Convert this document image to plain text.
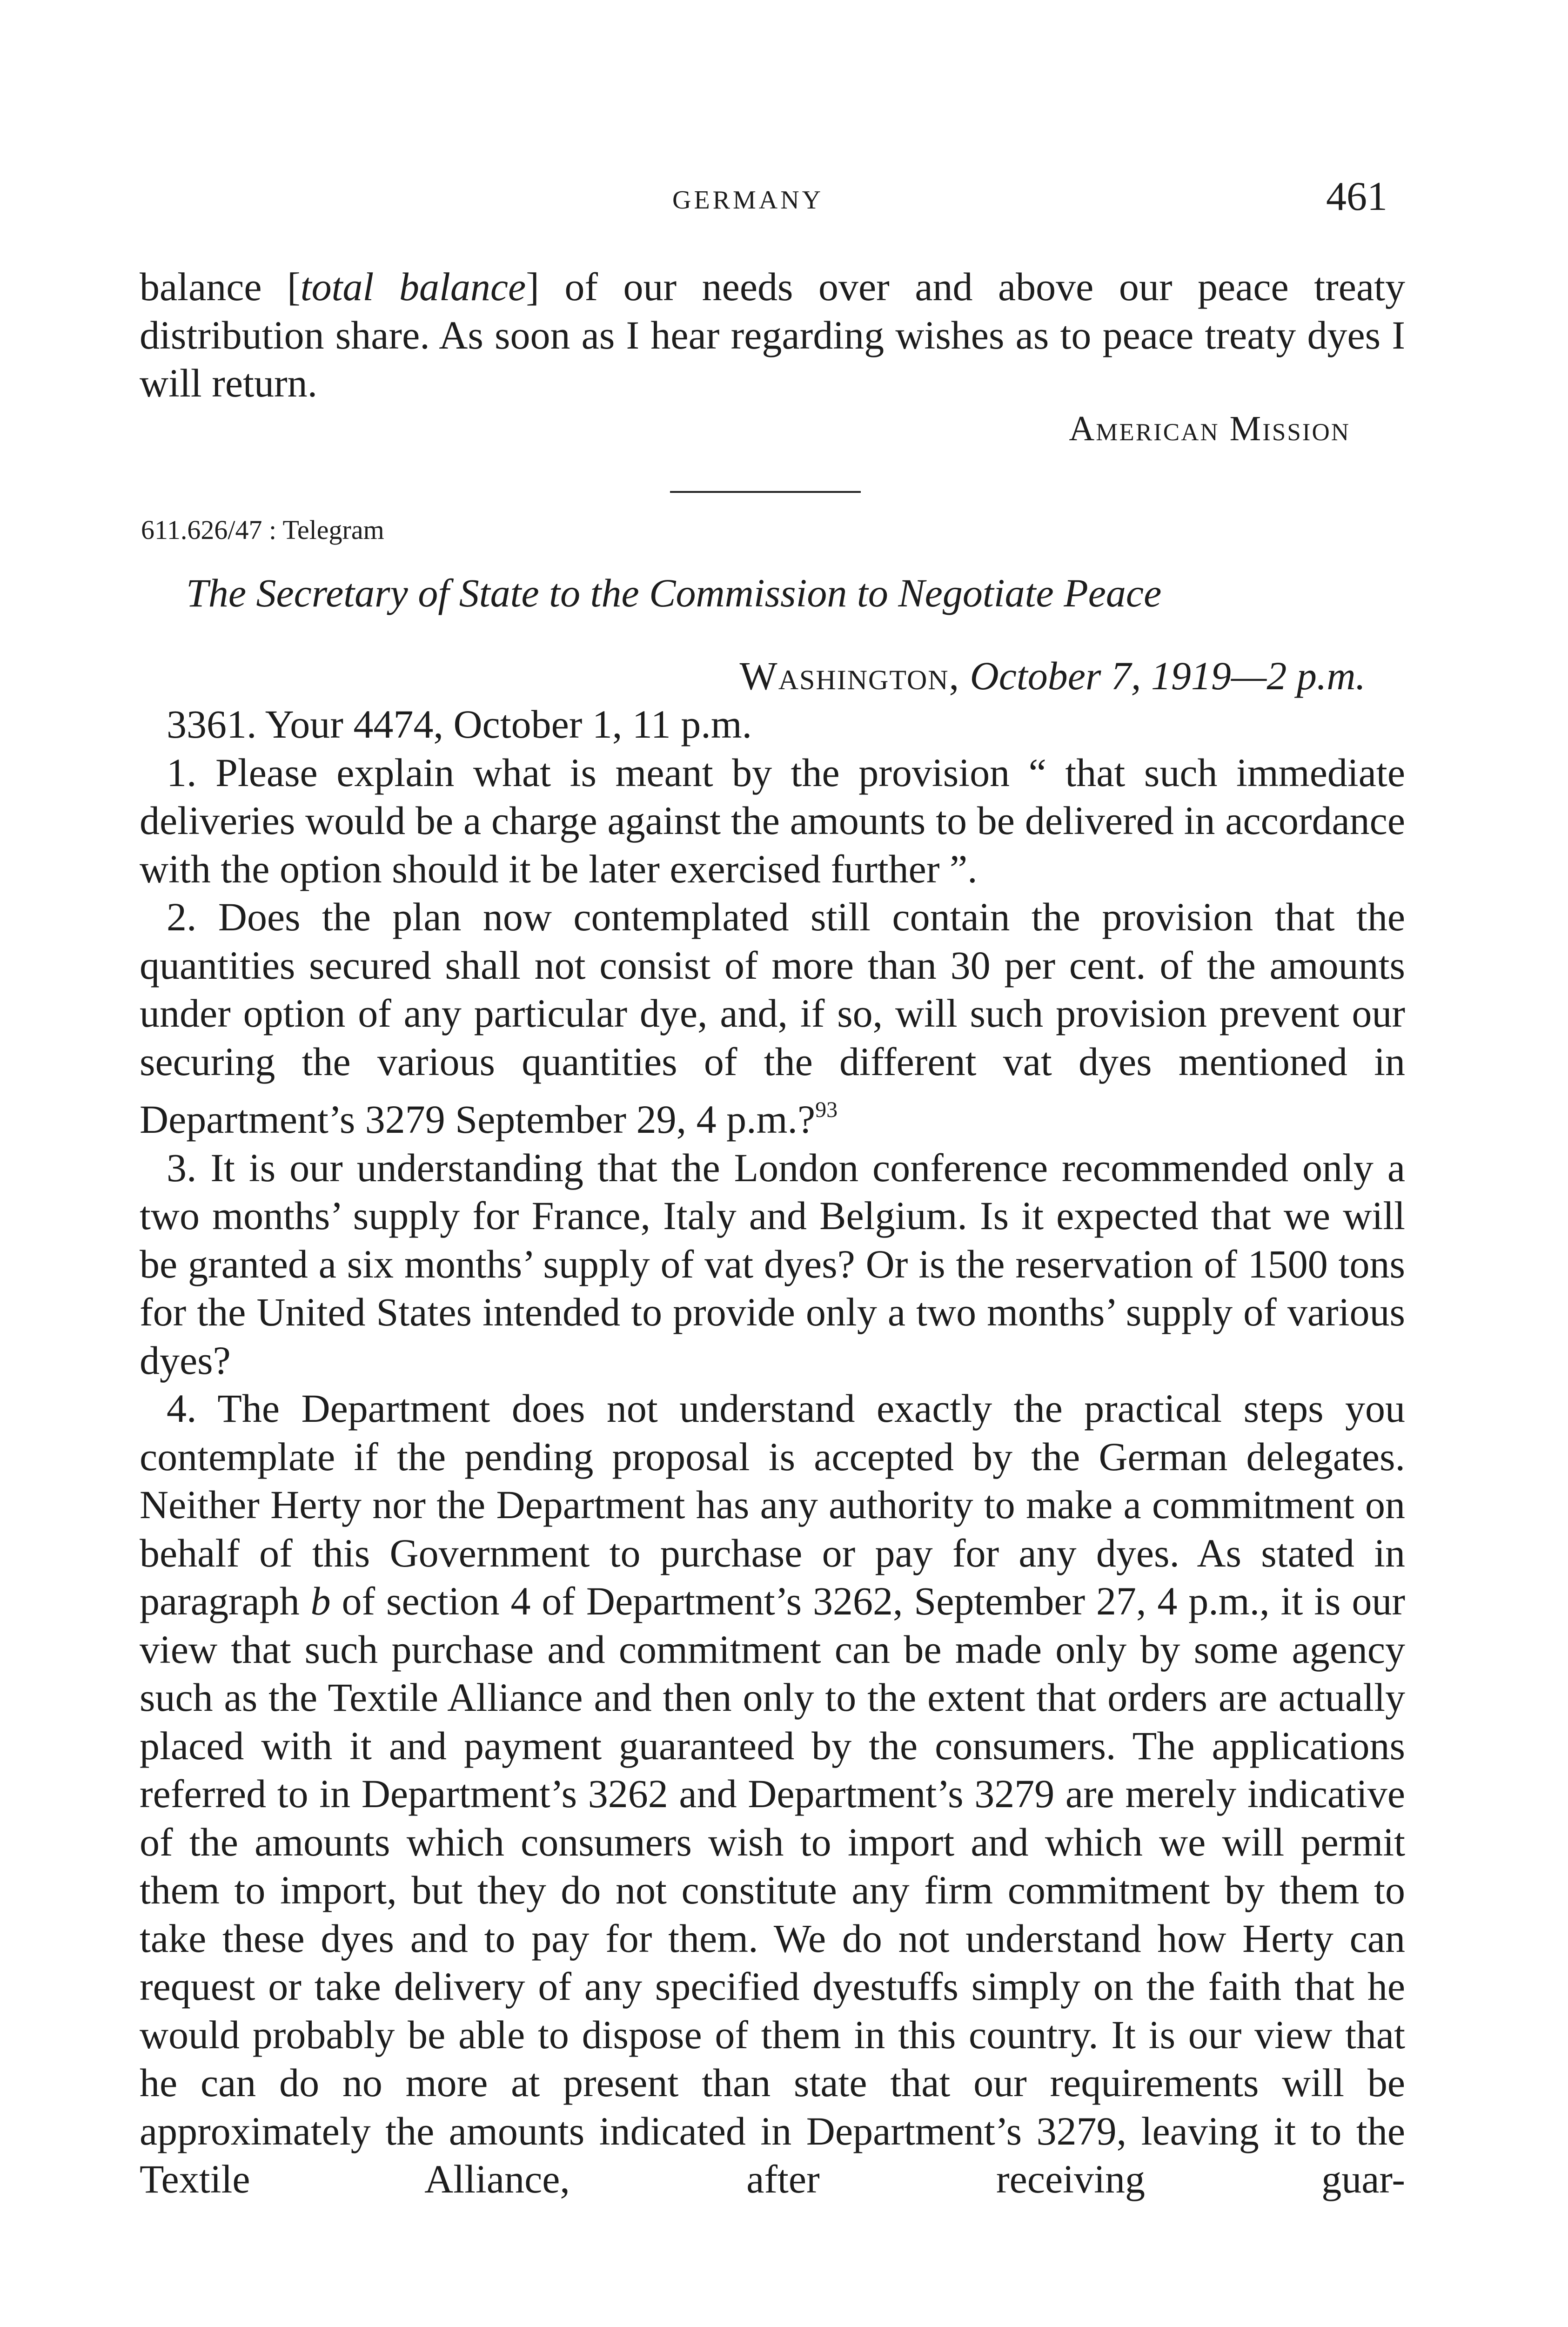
GERMANY	461

balance [total balance] of our needs over and above our peace treaty distribution share. As soon as I hear regarding wishes as to peace treaty dyes I will return.

American Mission
611.626/47 : Telegram
The Secretary of State to the Commission to Negotiate Peace
Washington, October 7, 1919—2 p.m.

3361. Your 4474, October 1, 11 p.m.

1. Please explain what is meant by the provision “ that such immediate deliveries would be a charge against the amounts to be delivered in accordance with the option should it be later exercised further ”.

2. Does the plan now contemplated still contain the provision that the quantities secured shall not consist of more than 30 per cent. of the amounts under option of any particular dye, and, if so, will such provision prevent our securing the various quantities of the different vat dyes mentioned in Department’s 3279 September 29, 4 p.m.?$^{93}$

3. It is our understanding that the London conference recommended only a two months’ supply for France, Italy and Belgium. Is it expected that we will be granted a six months’ supply of vat dyes? Or is the reservation of 1500 tons for the United States intended to provide only a two months’ supply of various dyes?

4. The Department does not understand exactly the practical steps you contemplate if the pending proposal is accepted by the German delegates. Neither Herty nor the Department has any authority to make a commitment on behalf of this Government to purchase or pay for any dyes. As stated in paragraph b of section 4 of Department’s 3262, September 27, 4 p.m., it is our view that such purchase and commitment can be made only by some agency such as the Textile Alliance and then only to the extent that orders are actually placed with it and payment guaranteed by the consumers. The applications referred to in Department’s 3262 and Department’s 3279 are merely indicative of the amounts which consumers wish to import and which we will permit them to import, but they do not constitute any firm commitment by them to take these dyes and to pay for them. We do not understand how Herty can request or take delivery of any specified dyestuffs simply on the faith that he would probably be able to dispose of them in this country. It is our view that he can do no more at present than state that our requirements will be approximately the amounts indicated in Department’s 3279, leaving it to the Textile Alliance, after receiving guar-
